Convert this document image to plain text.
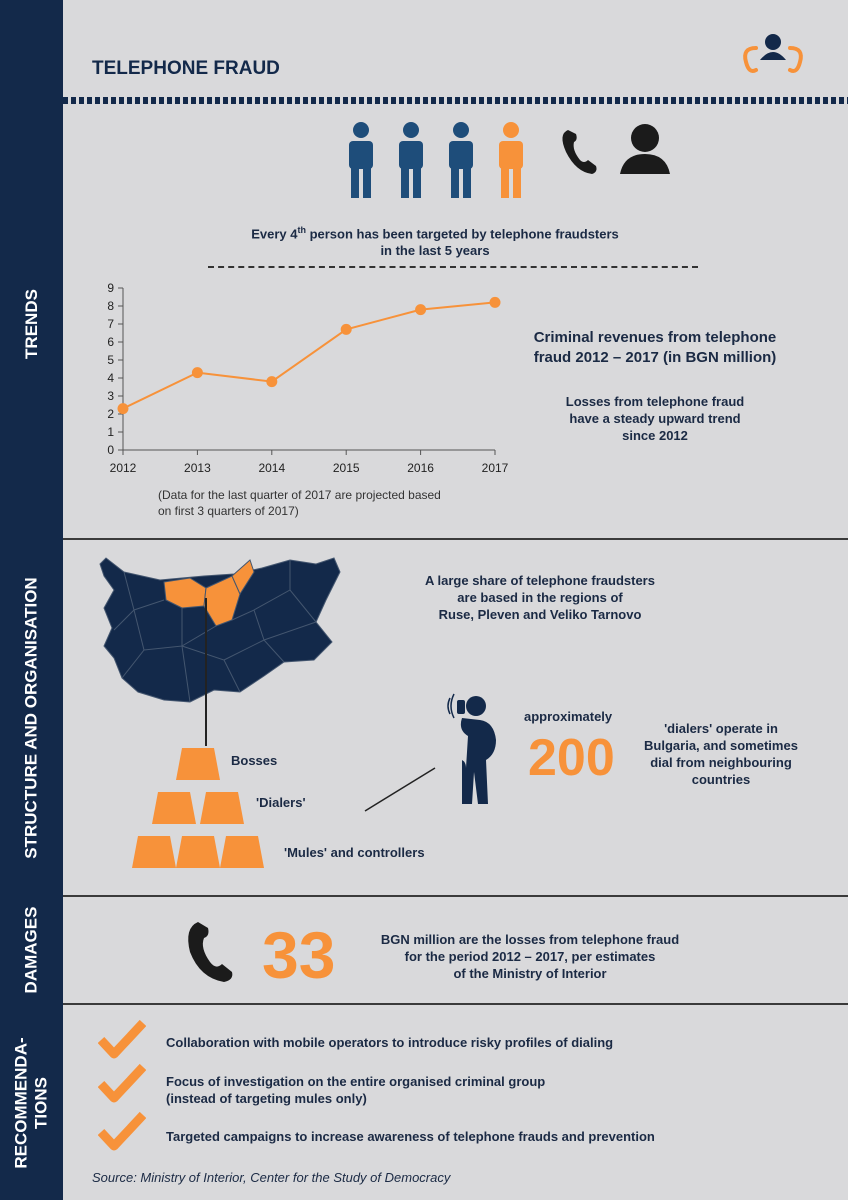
TRENDS
STRUCTURE AND ORGANISATION
DAMAGES
RECOMMENDA- TIONS
TELEPHONE FRAUD
Every 4th person has been targeted by telephone fraudsters
in the last 5 years
0
1
2
3
4
5
6
7
8
9
2012	2013	2014	2015	2016	2017
Criminal revenues from telephone
fraud 2012 – 2017 (in BGN million)
Losses from telephone fraud
have a steady upward trend
since 2012
(Data for the last quarter of 2017 are projected based
on first 3 quarters of 2017)
A large share of telephone fraudsters
are based in the regions of
Ruse, Pleven and Veliko Tarnovo
Bosses
'Dialers'
'Mules' and controllers
approximately
200
'dialers' operate in
Bulgaria, and sometimes
dial from neighbouring
countries
33	BGN million are the losses from telephone fraud
for the period 2012 – 2017, per estimates
of the Ministry of Interior
Collaboration with mobile operators to introduce risky profiles of dialing
Focus of investigation on the entire organised criminal group
(instead of targeting mules only)
Targeted campaigns to increase awareness of telephone frauds and prevention
Source: Ministry of Interior, Center for the Study of Democracy
